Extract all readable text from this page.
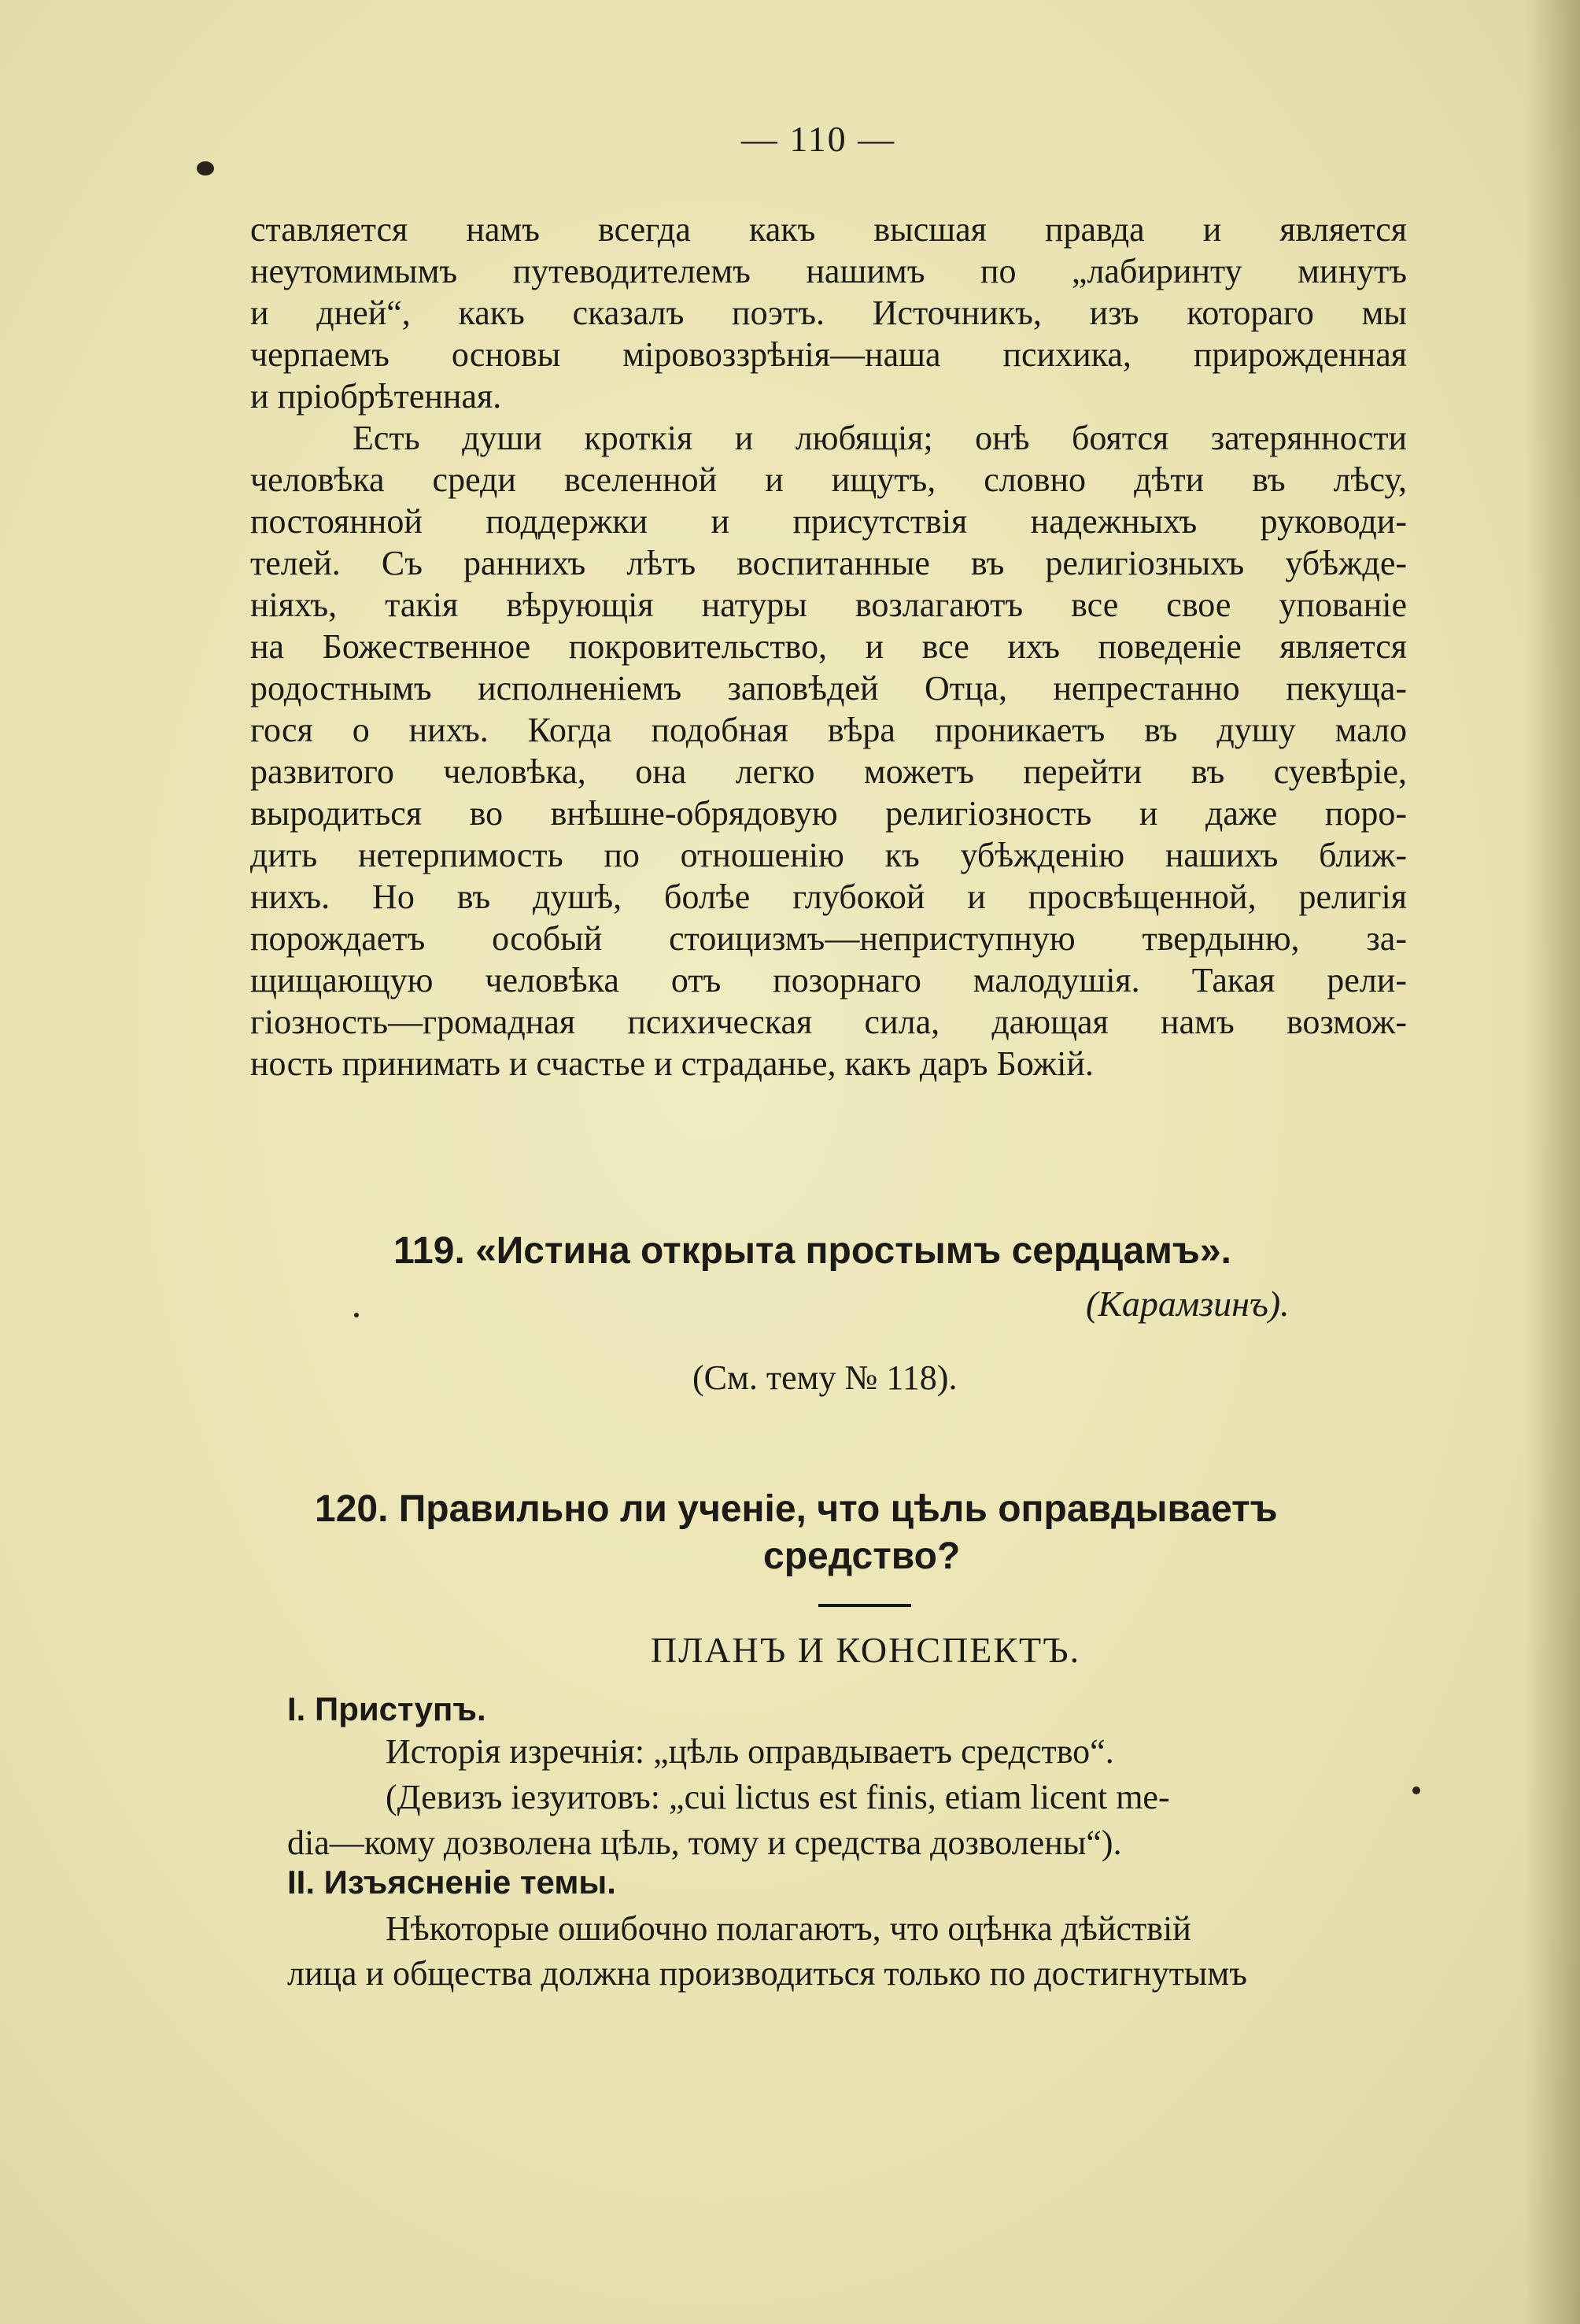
— 110 —
ставляется намъ всегда какъ высшая правда и является
неутомимымъ путеводителемъ нашимъ по „лабиринту минутъ
и дней“, какъ сказалъ поэтъ. Источникъ, изъ котораго мы
черпаемъ основы міровоззрѣнія—наша психика, прирожденная
и пріобрѣтенная.
Есть души кроткія и любящія; онѣ боятся затерянности
человѣка среди вселенной и ищутъ, словно дѣти въ лѣсу,
постоянной поддержки и присутствія надежныхъ руководи-
телей. Съ раннихъ лѣтъ воспитанные въ религіозныхъ убѣжде-
ніяхъ, такія вѣрующія натуры возлагаютъ все свое упованіе
на Божественное покровительство, и все ихъ поведеніе является
родостнымъ исполненіемъ заповѣдей Отца, непрестанно пекуща-
гося о нихъ. Когда подобная вѣра проникаетъ въ душу мало
развитого человѣка, она легко можетъ перейти въ суевѣріе,
выродиться во внѣшне-обрядовую религіозность и даже поро-
дить нетерпимость по отношенію къ убѣжденію нашихъ ближ-
нихъ. Но въ душѣ, болѣе глубокой и просвѣщенной, религія
порождаетъ особый стоицизмъ—неприступную твердыню, за-
щищающую человѣка отъ позорнаго малодушія. Такая рели-
гіозность—громадная психическая сила, дающая намъ возмож-
ность принимать и счастье и страданье, какъ даръ Божій.
119. «Истина открыта простымъ сердцамъ».
(Карамзинъ).
(См. тему № 118).
120. Правильно ли ученіе, что цѣль оправдываетъ
средство?
ПЛАНЪ И КОНСПЕКТЪ.
I. Приступъ.
Исторія изречнія: „цѣль оправдываетъ средство“.
(Девизъ іезуитовъ: „cui lictus est finis, etiam licent me-
dia—кому дозволена цѣль, тому и средства дозволены“).
II. Изъясненіе темы.
Нѣкоторые ошибочно полагаютъ, что оцѣнка дѣйствій
лица и общества должна производиться только по достигнутымъ
